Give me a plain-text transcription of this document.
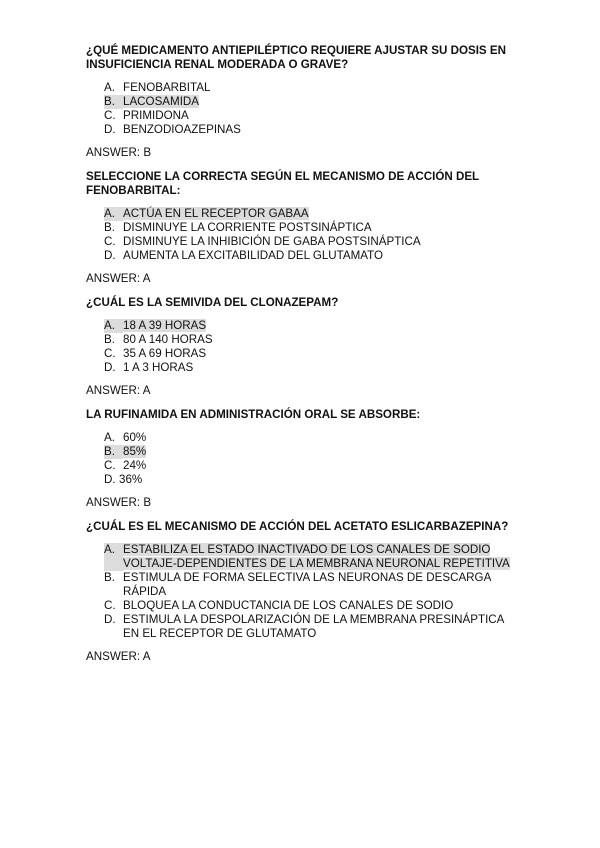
¿QUÉ MEDICAMENTO ANTIEPILÉPTICO REQUIERE AJUSTAR SU DOSIS EN INSUFICIENCIA RENAL MODERADA O GRAVE?

A. FENOBARBITAL
B. LACOSAMIDA
C. PRIMIDONA
D. BENZODIOAZEPINAS

ANSWER: B

SELECCIONE LA CORRECTA SEGÚN EL MECANISMO DE ACCIÓN DEL FENOBARBITAL:

A. ACTÚA EN EL RECEPTOR GABAA
B. DISMINUYE LA CORRIENTE POSTSINÁPTICA
C. DISMINUYE LA INHIBICIÓN DE GABA POSTSINÁPTICA
D. AUMENTA LA EXCITABILIDAD DEL GLUTAMATO

ANSWER: A

¿CUÁL ES LA SEMIVIDA DEL CLONAZEPAM?

A. 18 A 39 HORAS
B. 80 A 140 HORAS
C. 35 A 69 HORAS
D. 1 A 3 HORAS

ANSWER: A

LA RUFINAMIDA EN ADMINISTRACIÓN ORAL SE ABSORBE:

A. 60%
B. 85%
C. 24%
D. 36%

ANSWER: B

¿CUÁL ES EL MECANISMO DE ACCIÓN DEL ACETATO ESLICARBAZEPINA?

A. ESTABILIZA EL ESTADO INACTIVADO DE LOS CANALES DE SODIO VOLTAJE-DEPENDIENTES DE LA MEMBRANA NEURONAL REPETITIVA
B. ESTIMULA DE FORMA SELECTIVA LAS NEURONAS DE DESCARGA RÁPIDA
C. BLOQUEA LA CONDUCTANCIA DE LOS CANALES DE SODIO
D. ESTIMULA LA DESPOLARIZACIÓN DE LA MEMBRANA PRESINÁPTICA EN EL RECEPTOR DE GLUTAMATO

ANSWER: A
